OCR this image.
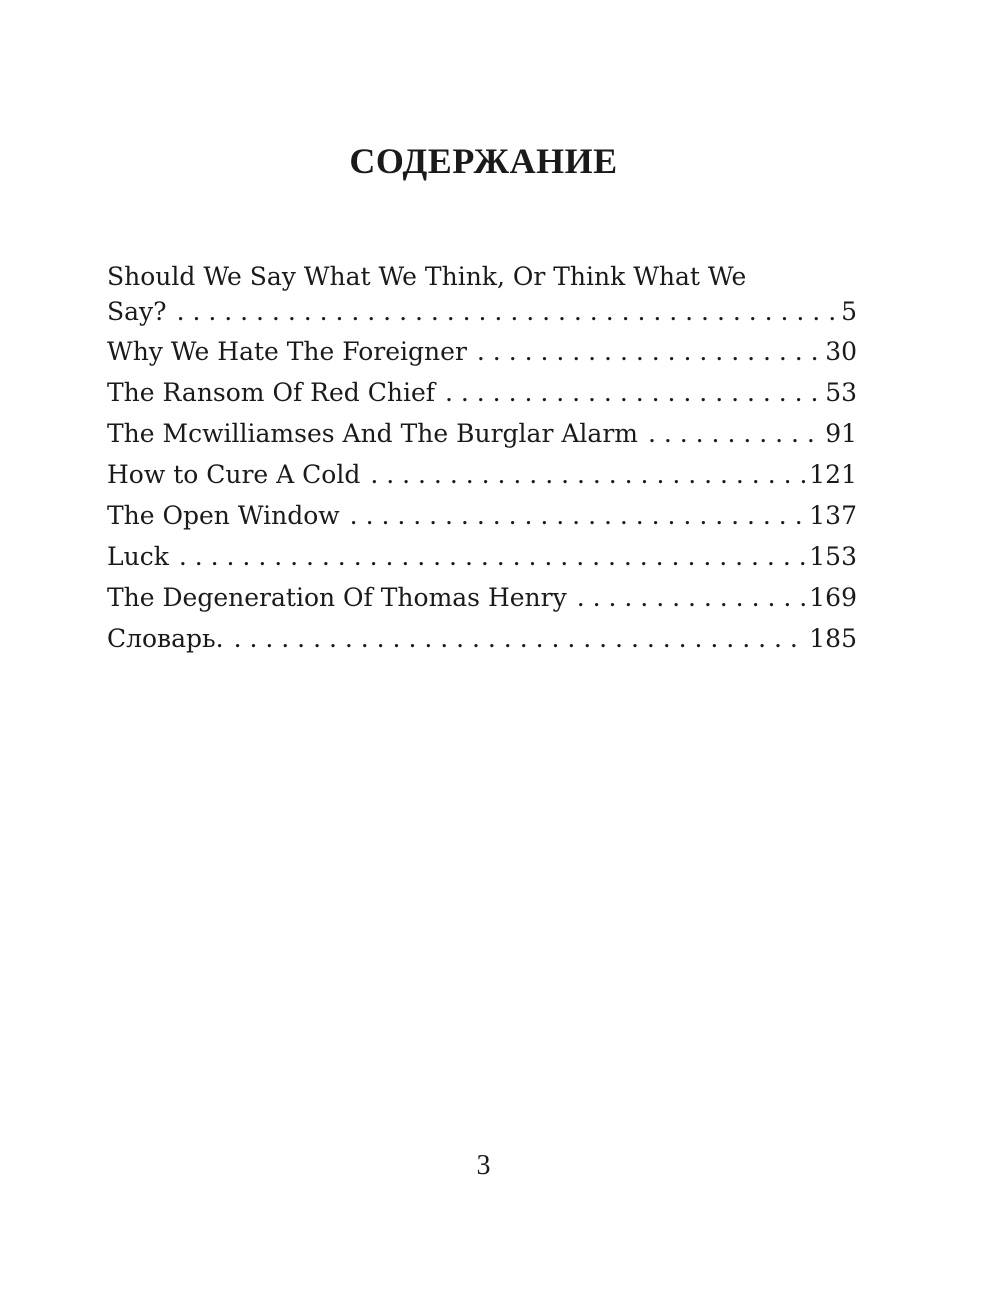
СОДЕРЖАНИЕ
Should We Say What We Think, Or Think What We
Say? . . .	5
Why We Hate The Foreigner . . .	30
The Ransom Of Red Chief . . .	53
The Mcwilliamses And The Burglar Alarm . . .	91
How to Cure A Cold . . .	121
The Open Window . . .	137
Luck . . .	153
The Degeneration Of Thomas Henry . . .	169
Словарь. . . .	185
3
